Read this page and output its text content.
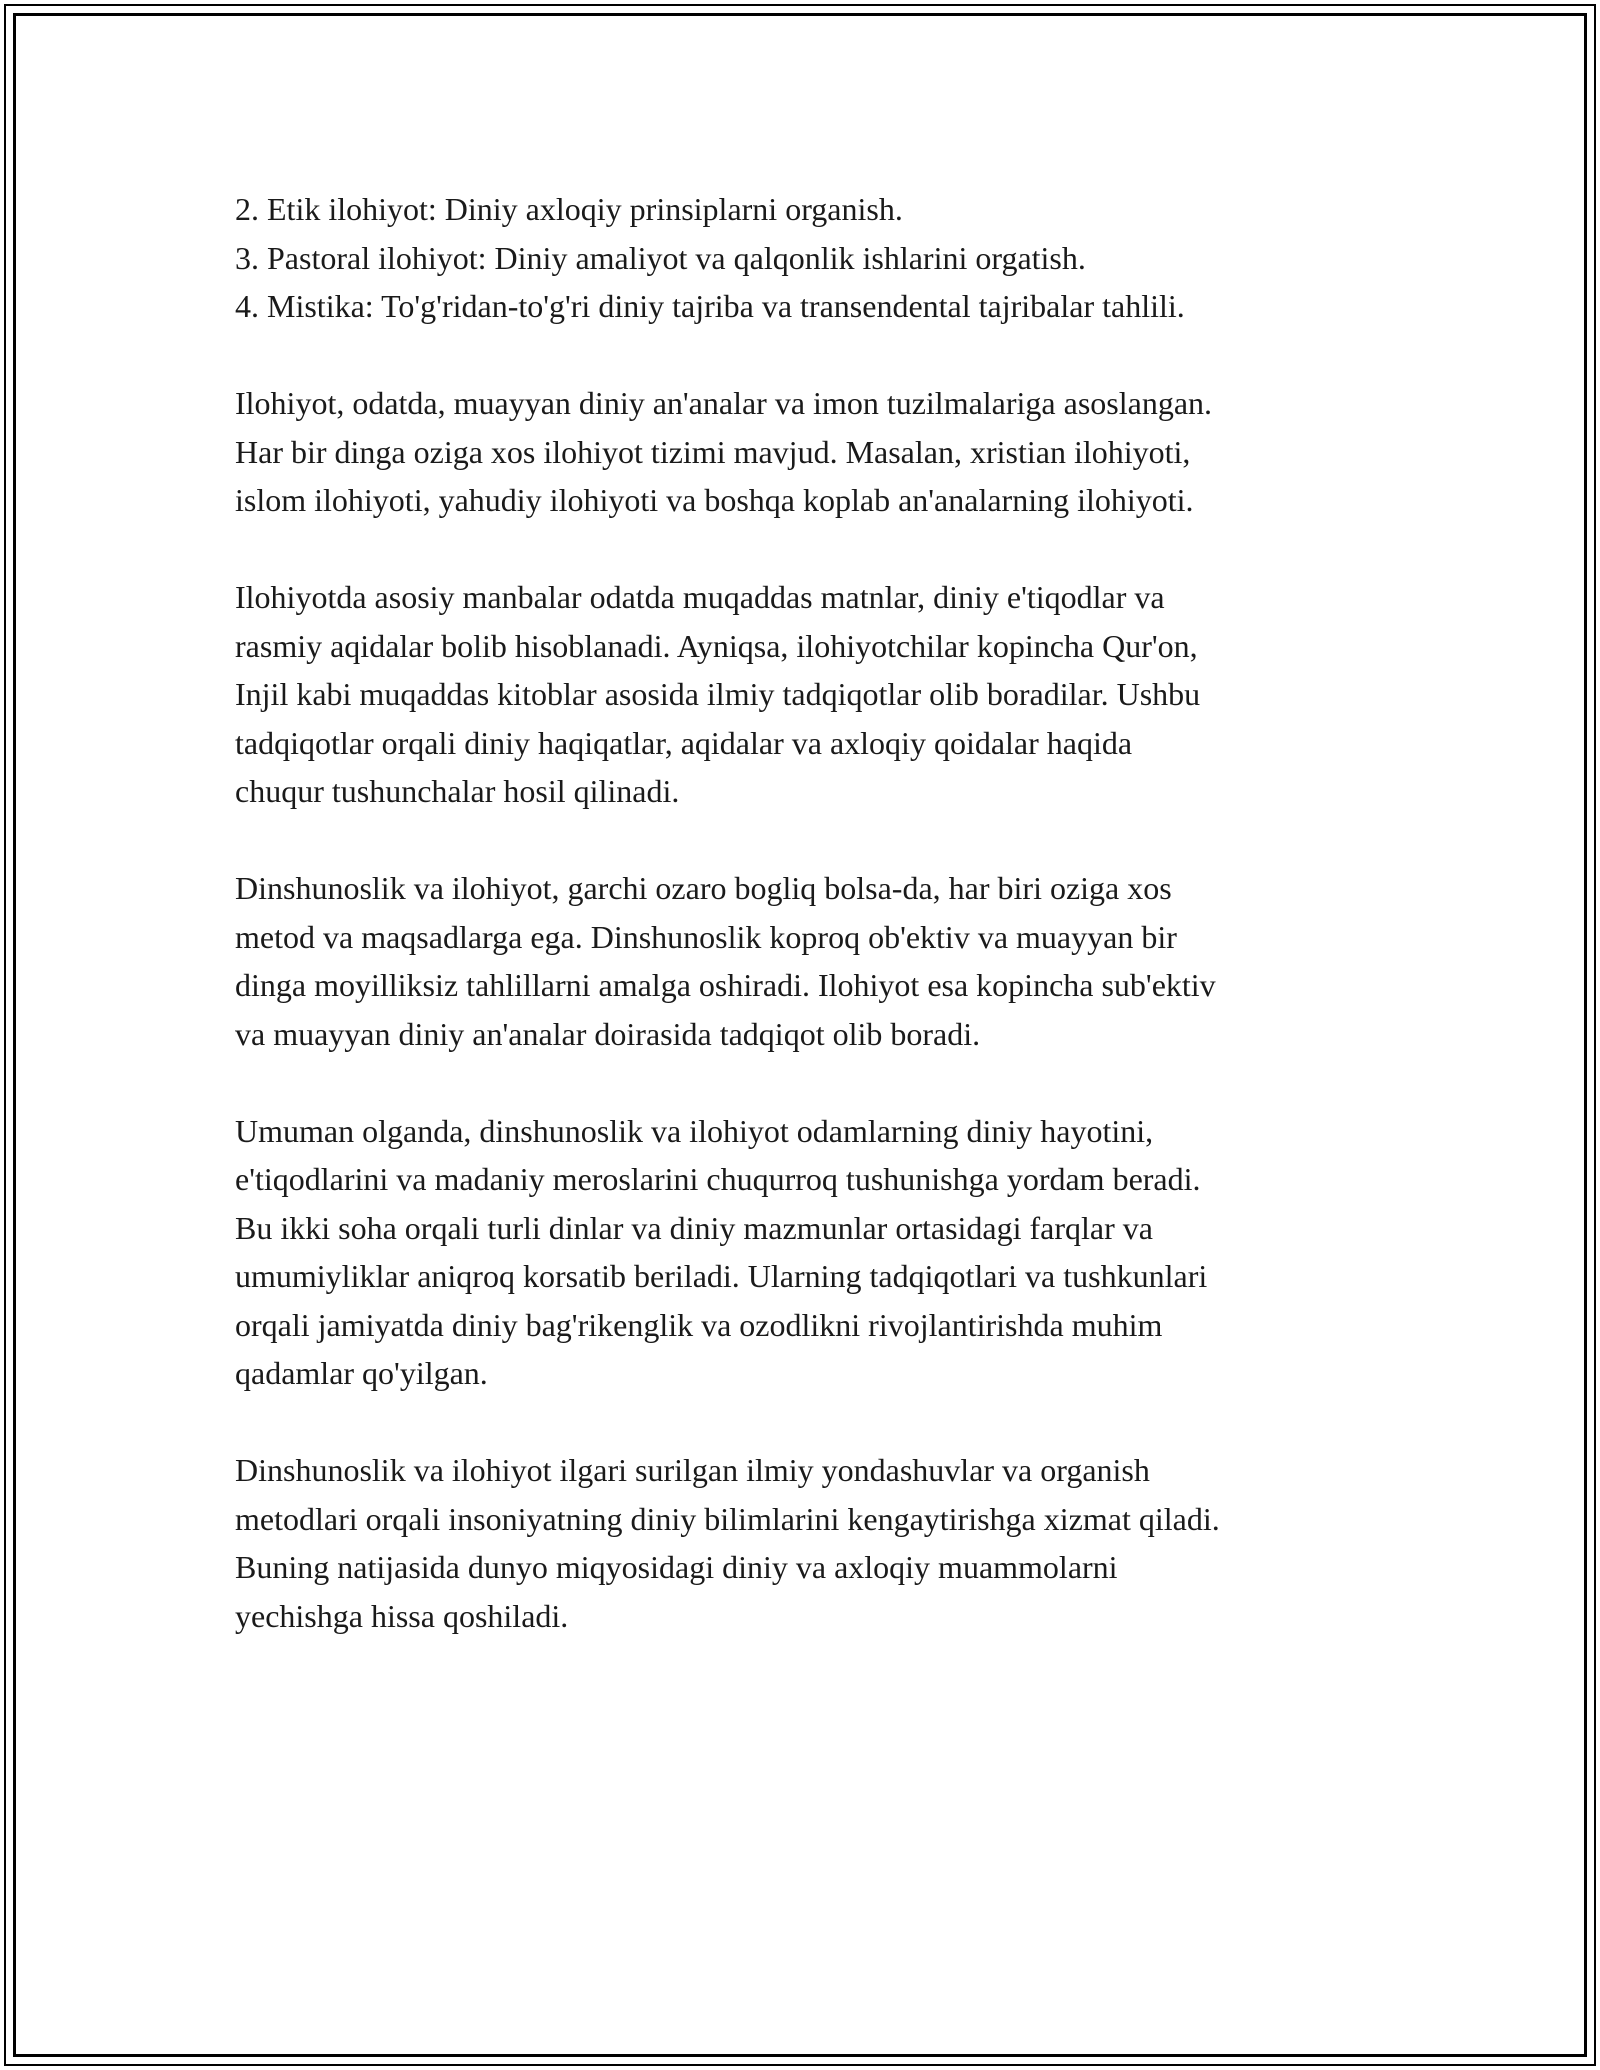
2. Etik ilohiyot: Diniy axloqiy prinsiplarni organish.
3. Pastoral ilohiyot: Diniy amaliyot va qalqonlik ishlarini orgatish.
4. Mistika: To'g'ridan-to'g'ri diniy tajriba va transendental tajribalar tahlili.

Ilohiyot, odatda, muayyan diniy an'analar va imon tuzilmalariga asoslangan.
Har bir dinga oziga xos ilohiyot tizimi mavjud. Masalan, xristian ilohiyoti,
islom ilohiyoti, yahudiy ilohiyoti va boshqa koplab an'analarning ilohiyoti.

Ilohiyotda asosiy manbalar odatda muqaddas matnlar, diniy e'tiqodlar va
rasmiy aqidalar bolib hisoblanadi. Ayniqsa, ilohiyotchilar kopincha Qur'on,
Injil kabi muqaddas kitoblar asosida ilmiy tadqiqotlar olib boradilar. Ushbu
tadqiqotlar orqali diniy haqiqatlar, aqidalar va axloqiy qoidalar haqida
chuqur tushunchalar hosil qilinadi.

Dinshunoslik va ilohiyot, garchi ozaro bogliq bolsa-da, har biri oziga xos
metod va maqsadlarga ega. Dinshunoslik koproq ob'ektiv va muayyan bir
dinga moyilliksiz tahlillarni amalga oshiradi. Ilohiyot esa kopincha sub'ektiv
va muayyan diniy an'analar doirasida tadqiqot olib boradi.

Umuman olganda, dinshunoslik va ilohiyot odamlarning diniy hayotini,
e'tiqodlarini va madaniy meroslarini chuqurroq tushunishga yordam beradi.
Bu ikki soha orqali turli dinlar va diniy mazmunlar ortasidagi farqlar va
umumiyliklar aniqroq korsatib beriladi. Ularning tadqiqotlari va tushkunlari
orqali jamiyatda diniy bag'rikenglik va ozodlikni rivojlantirishda muhim
qadamlar qo'yilgan.

Dinshunoslik va ilohiyot ilgari surilgan ilmiy yondashuvlar va organish
metodlari orqali insoniyatning diniy bilimlarini kengaytirishga xizmat qiladi.
Buning natijasida dunyo miqyosidagi diniy va axloqiy muammolarni
yechishga hissa qoshiladi.
